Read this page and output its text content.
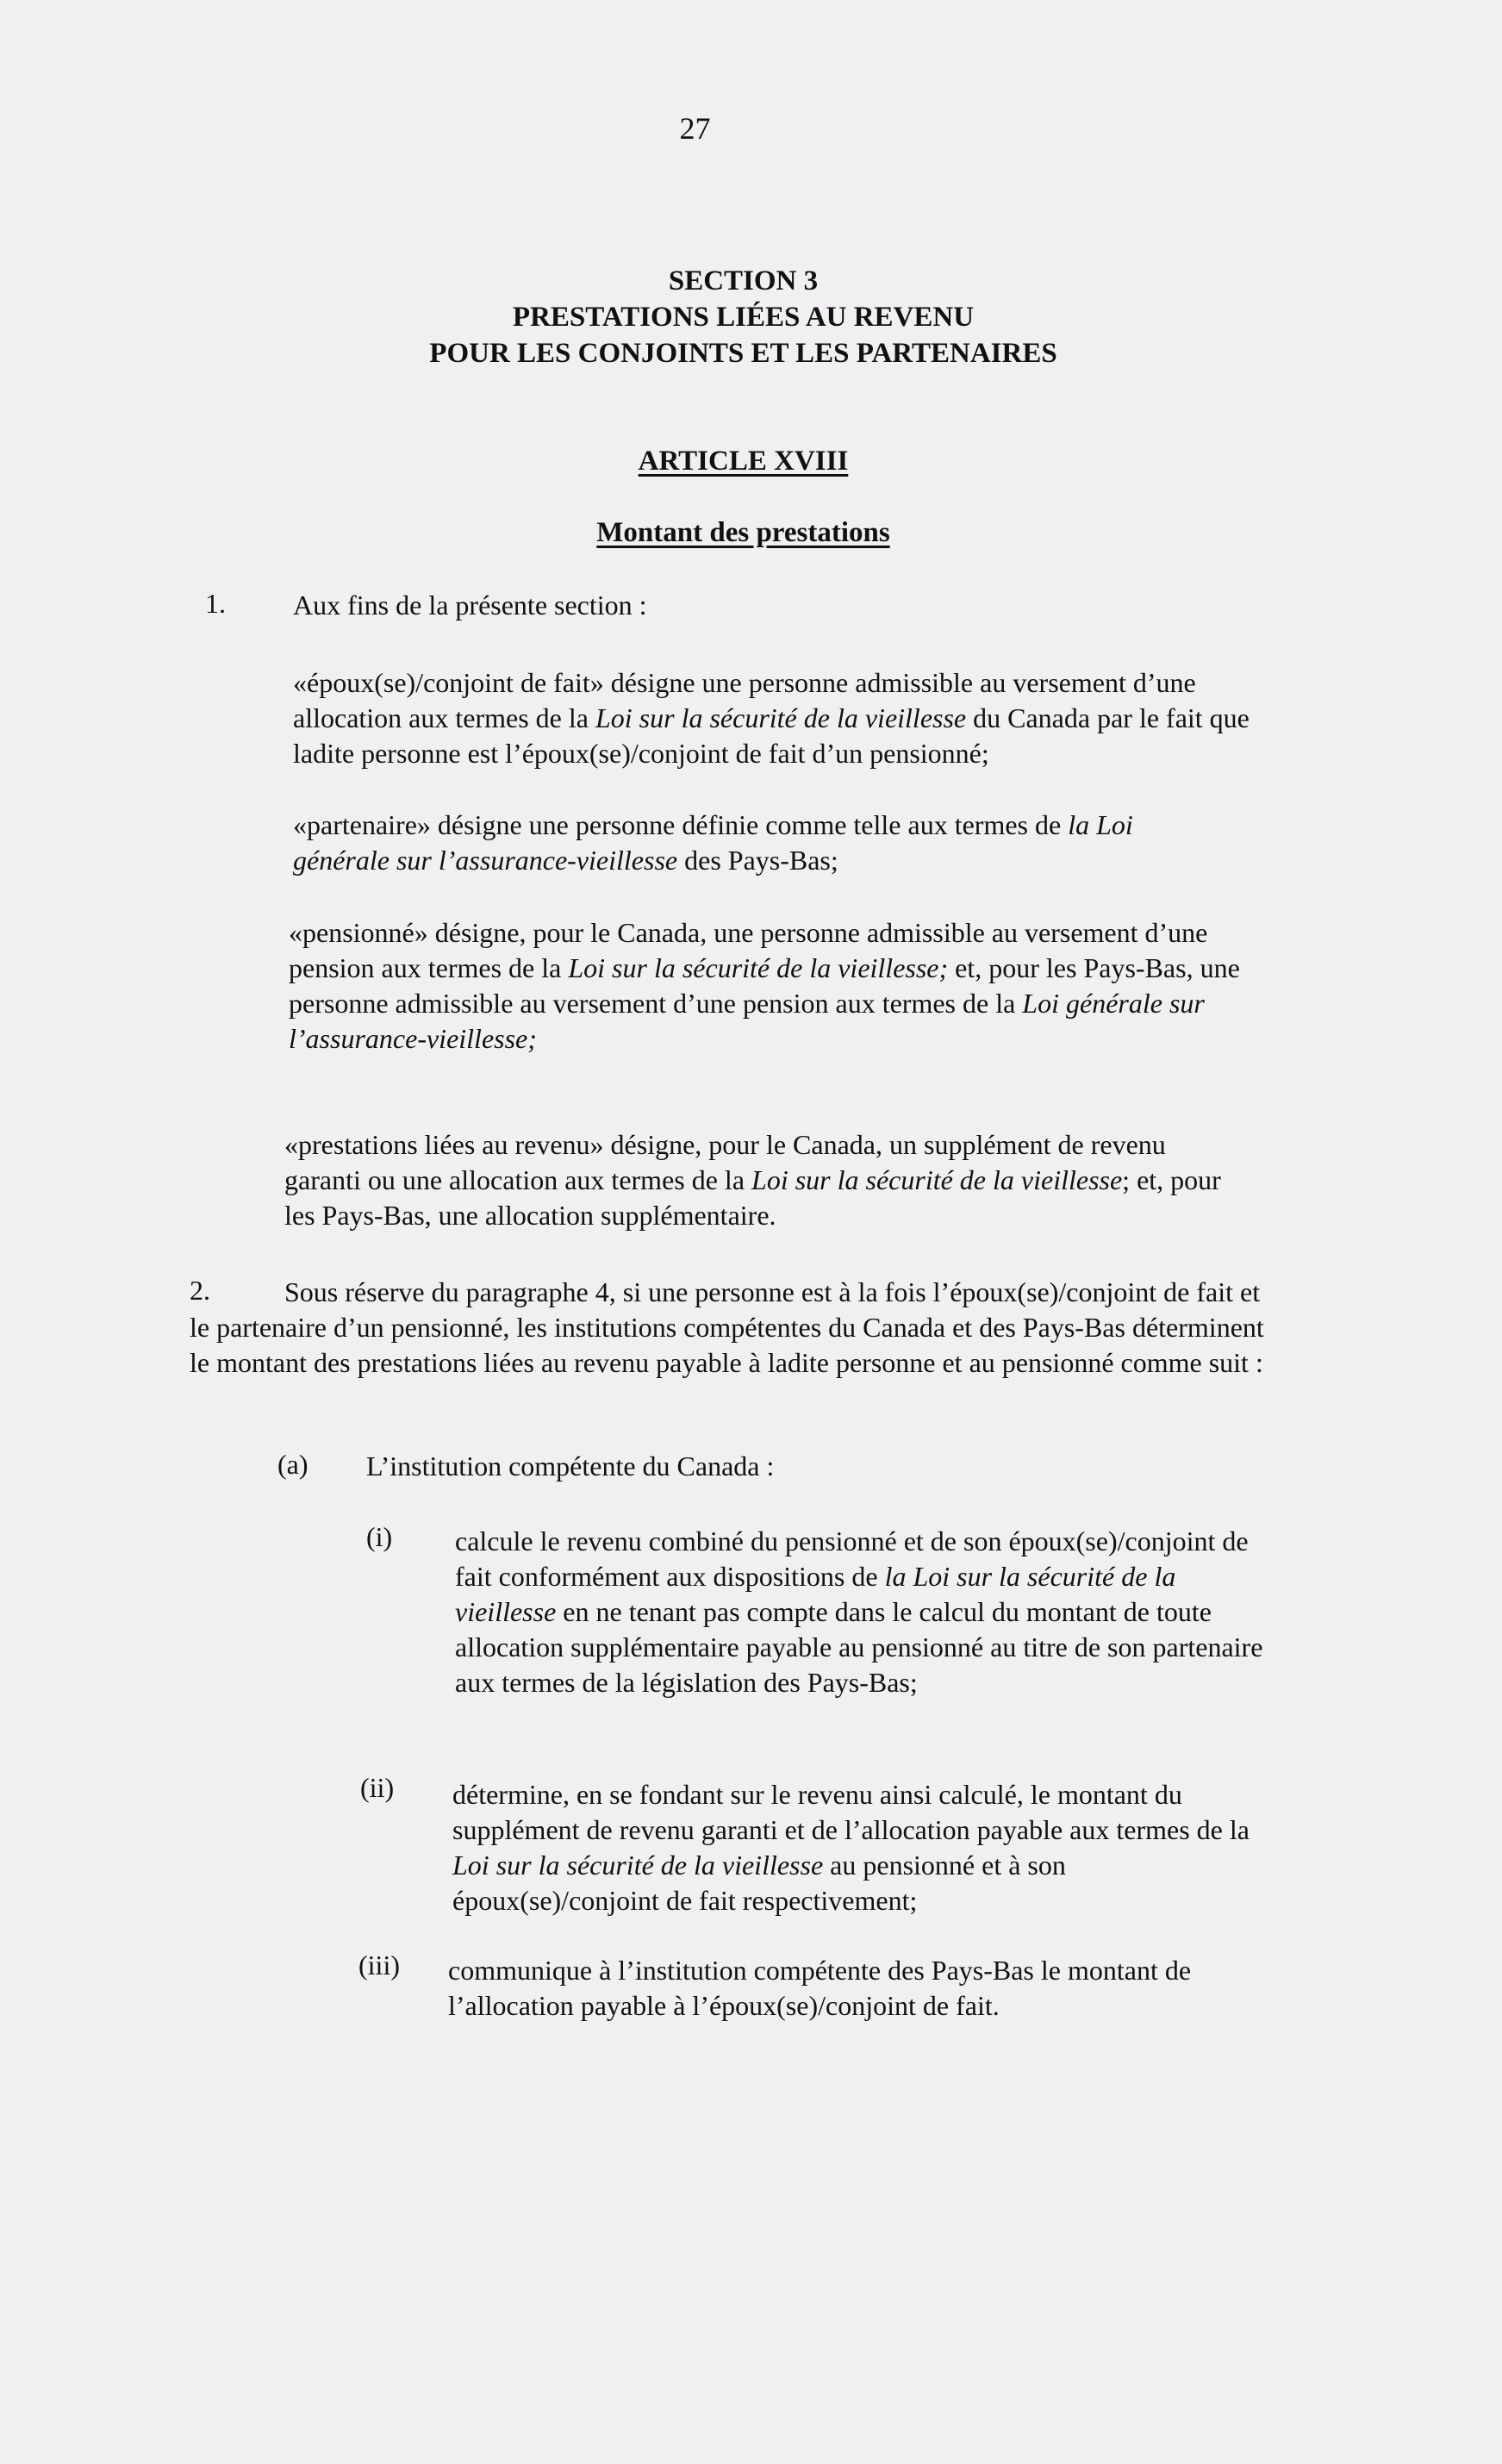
27
SECTION 3
PRESTATIONS LIÉES AU REVENU
POUR LES CONJOINTS ET LES PARTENAIRES
ARTICLE XVIII
Montant des prestations
1. Aux fins de la présente section :
«époux(se)/conjoint de fait» désigne une personne admissible au versement d’une allocation aux termes de la Loi sur la sécurité de la vieillesse du Canada par le fait que ladite personne est l’époux(se)/conjoint de fait d’un pensionné;
«partenaire» désigne une personne définie comme telle aux termes de la Loi générale sur l’assurance-vieillesse des Pays-Bas;
«pensionné» désigne, pour le Canada, une personne admissible au versement d’une pension aux termes de la Loi sur la sécurité de la vieillesse; et, pour les Pays-Bas, une personne admissible au versement d’une pension aux termes de la Loi générale sur l’assurance-vieillesse;
«prestations liées au revenu» désigne, pour le Canada, un supplément de revenu garanti ou une allocation aux termes de la Loi sur la sécurité de la vieillesse; et, pour les Pays-Bas, une allocation supplémentaire.
2.	Sous réserve du paragraphe 4, si une personne est à la fois l’époux(se)/conjoint de fait et le partenaire d’un pensionné, les institutions compétentes du Canada et des Pays-Bas déterminent le montant des prestations liées au revenu payable à ladite personne et au pensionné comme suit :
(a) L’institution compétente du Canada :
(i) calcule le revenu combiné du pensionné et de son époux(se)/conjoint de fait conformément aux dispositions de la Loi sur la sécurité de la vieillesse en ne tenant pas compte dans le calcul du montant de toute allocation supplémentaire payable au pensionné au titre de son partenaire aux termes de la législation des Pays-Bas;
(ii) détermine, en se fondant sur le revenu ainsi calculé, le montant du supplément de revenu garanti et de l’allocation payable aux termes de la Loi sur la sécurité de la vieillesse au pensionné et à son époux(se)/conjoint de fait respectivement;
(iii) communique à l’institution compétente des Pays-Bas le montant de l’allocation payable à l’époux(se)/conjoint de fait.
